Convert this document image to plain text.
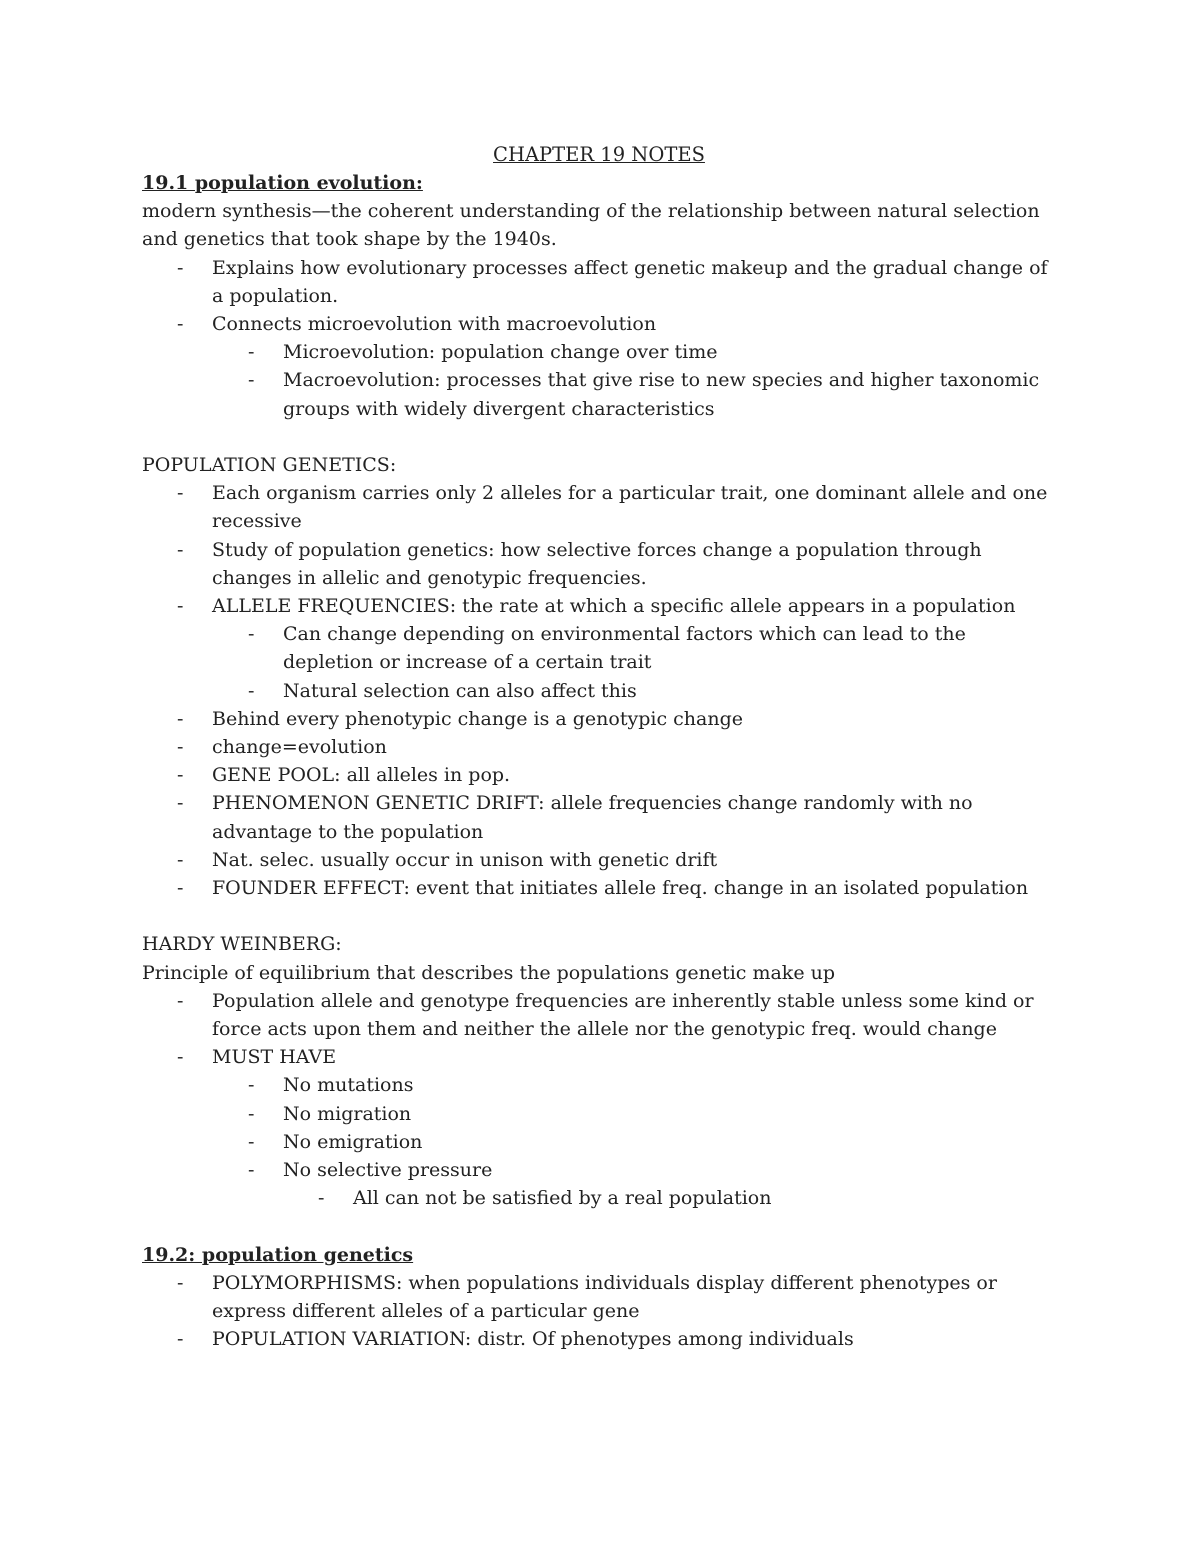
CHAPTER 19 NOTES

19.1 population evolution:

modern synthesis—the coherent understanding of the relationship between natural selection and genetics that took shape by the 1940s.

- Explains how evolutionary processes affect genetic makeup and the gradual change of a population.
- Connects microevolution with macroevolution
- Microevolution: population change over time
- Macroevolution: processes that give rise to new species and higher taxonomic groups with widely divergent characteristics

POPULATION GENETICS:

- Each organism carries only 2 alleles for a particular trait, one dominant allele and one recessive
- Study of population genetics: how selective forces change a population through changes in allelic and genotypic frequencies.
- ALLELE FREQUENCIES: the rate at which a specific allele appears in a population
- Can change depending on environmental factors which can lead to the depletion or increase of a certain trait
- Natural selection can also affect this
- Behind every phenotypic change is a genotypic change
- change=evolution
- GENE POOL: all alleles in pop.
- PHENOMENON GENETIC DRIFT: allele frequencies change randomly with no advantage to the population
- Nat. selec. usually occur in unison with genetic drift
- FOUNDER EFFECT: event that initiates allele freq. change in an isolated population

HARDY WEINBERG:

Principle of equilibrium that describes the populations genetic make up

- Population allele and genotype frequencies are inherently stable unless some kind or force acts upon them and neither the allele nor the genotypic freq. would change
- MUST HAVE
- No mutations
- No migration
- No emigration
- No selective pressure
- All can not be satisfied by a real population

19.2: population genetics

- POLYMORPHISMS: when populations individuals display different phenotypes or express different alleles of a particular gene
- POPULATION VARIATION: distr. Of phenotypes among individuals
